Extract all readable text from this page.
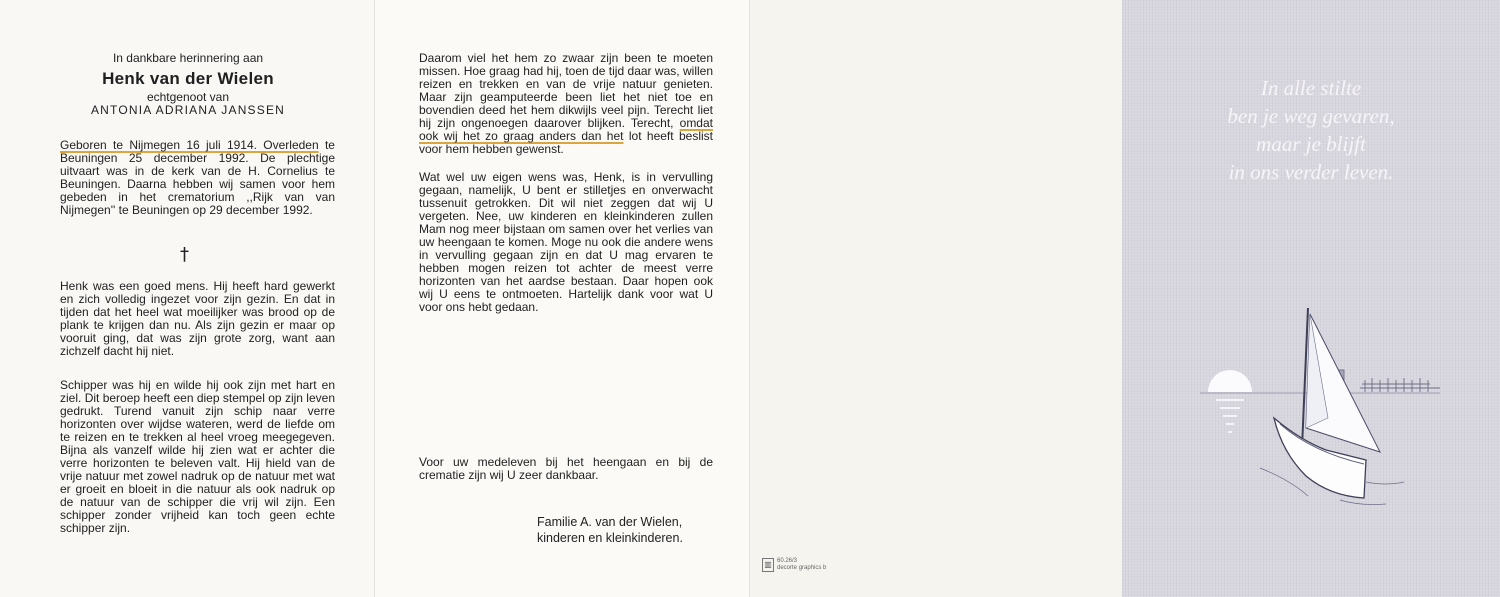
In dankbare herinnering aan
Henk van der Wielen
echtgenoot van
ANTONIA ADRIANA JANSSEN
Geboren te Nijmegen 16 juli 1914. Overleden te Beuningen 25 december 1992. De plechtige uitvaart was in de kerk van de H. Cornelius te Beuningen. Daarna hebben wij samen voor hem gebeden in het crematorium ,,Rijk van van Nijmegen'' te Beuningen op 29 december 1992.
†
Henk was een goed mens. Hij heeft hard gewerkt en zich volledig ingezet voor zijn gezin. En dat in tijden dat het heel wat moeilijker was brood op de plank te krijgen dan nu. Als zijn gezin er maar op vooruit ging, dat was zijn grote zorg, want aan zichzelf dacht hij niet.
Schipper was hij en wilde hij ook zijn met hart en ziel. Dit beroep heeft een diep stempel op zijn leven gedrukt. Turend vanuit zijn schip naar verre horizonten over wijdse wateren, werd de liefde om te reizen en te trekken al heel vroeg meegegeven. Bijna als vanzelf wilde hij zien wat er achter die verre horizonten te beleven valt. Hij hield van de vrije natuur met zowel nadruk op de natuur met wat er groeit en bloeit in die natuur als ook nadruk op de natuur van de schipper die vrij wil zijn. Een schipper zonder vrijheid kan toch geen echte schipper zijn.
Daarom viel het hem zo zwaar zijn been te moeten missen. Hoe graag had hij, toen de tijd daar was, willen reizen en trekken en van de vrije natuur genieten. Maar zijn geamputeerde been liet het niet toe en bovendien deed het hem dikwijls veel pijn. Terecht liet hij zijn ongenoegen daarover blijken. Terecht, omdat ook wij het zo graag anders dan het lot heeft beslist voor hem hebben gewenst.
Wat wel uw eigen wens was, Henk, is in vervulling gegaan, namelijk, U bent er stilletjes en onverwacht tussenuit getrokken. Dit wil niet zeggen dat wij U vergeten. Nee, uw kinderen en kleinkinderen zullen Mam nog meer bijstaan om samen over het verlies van uw heengaan te komen. Moge nu ook die andere wens in vervulling gegaan zijn en dat U mag ervaren te hebben mogen reizen tot achter de meest verre horizonten van het aardse bestaan. Daar hopen ook wij U eens te ontmoeten. Hartelijk dank voor wat U voor ons hebt gedaan.
Voor uw medeleven bij het heengaan en bij de crematie zijn wij U zeer dankbaar.
Familie A. van der Wielen,
kinderen en kleinkinderen.
▥ 60.26/3
decorte graphics b
In alle stilte
ben je weg gevaren,
maar je blijft
in ons verder leven.
